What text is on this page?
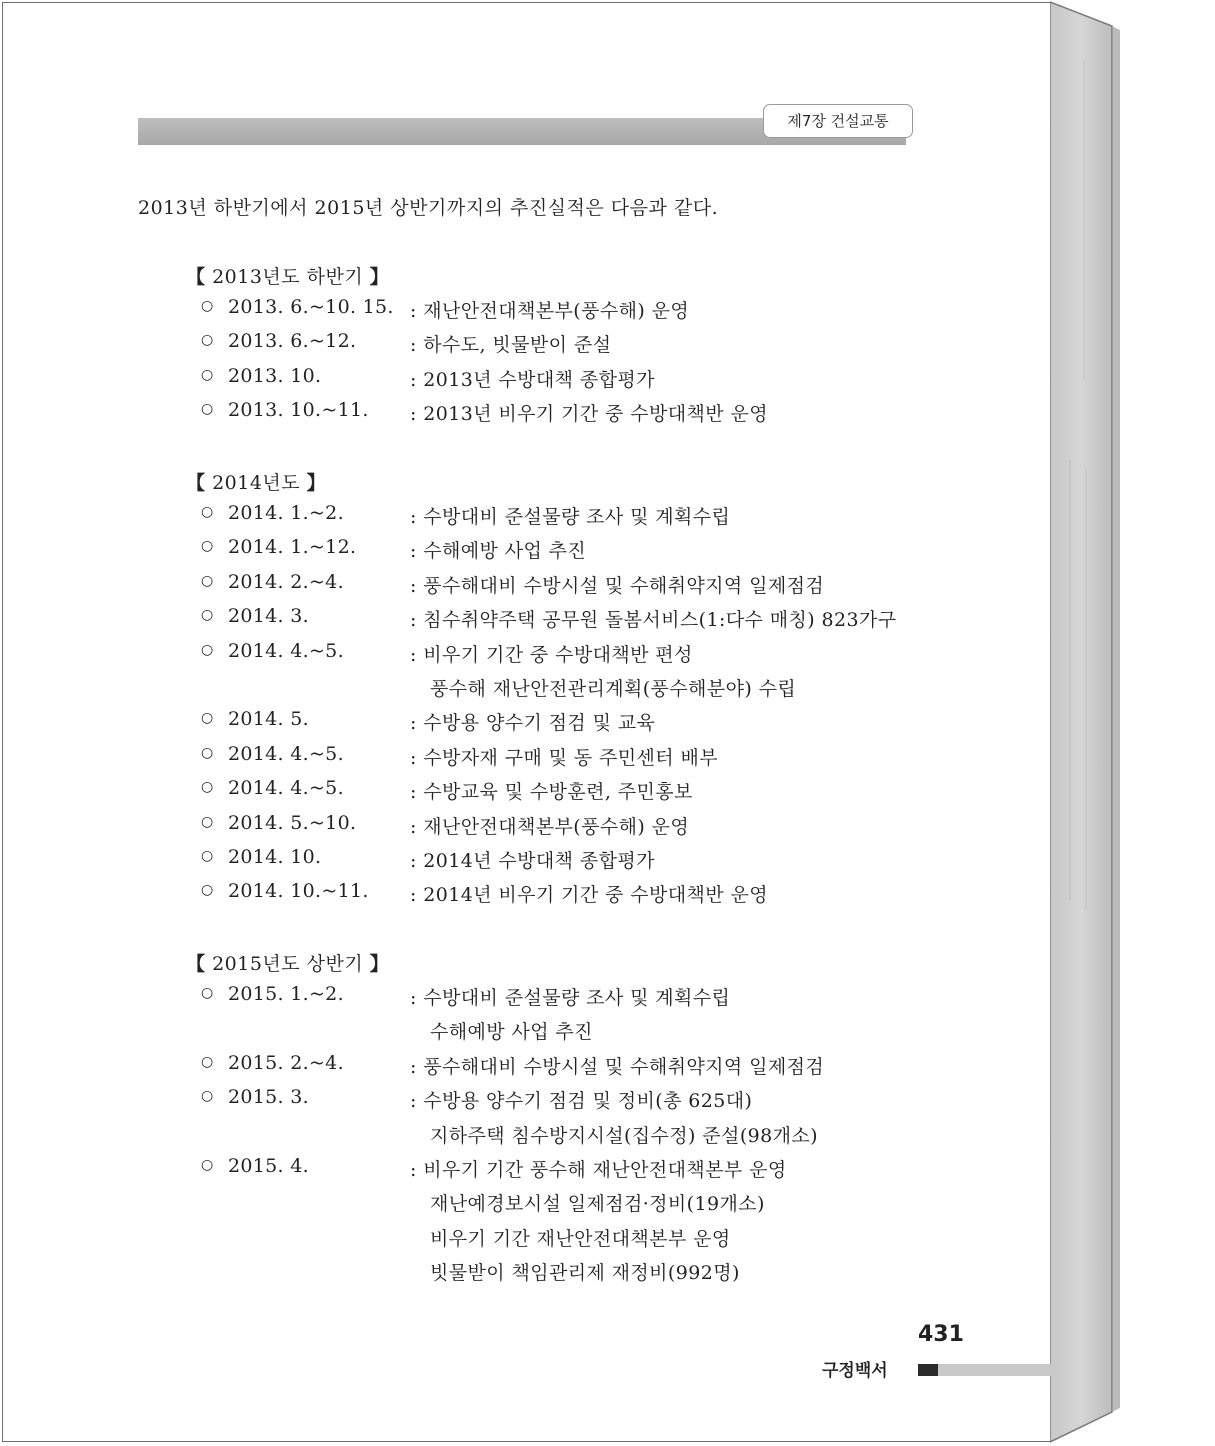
제7장 건설교통
2013년 하반기에서 2015년 상반기까지의 추진실적은 다음과 같다.
【 2013년도 하반기 】
○ 2013. 6.~10. 15. : 재난안전대책본부(풍수해) 운영
○ 2013. 6.~12.	: 하수도, 빗물받이 준설
○ 2013. 10.	: 2013년 수방대책 종합평가
○ 2013. 10.~11. : 2013년 비우기 기간 중 수방대책반 운영
【 2014년도 】
○ 2014. 1.~2.	: 수방대비 준설물량 조사 및 계획수립
○ 2014. 1.~12.	: 수해예방 사업 추진
○ 2014. 2.~4.	: 풍수해대비 수방시설 및 수해취약지역 일제점검
○ 2014. 3.	: 침수취약주택 공무원 돌봄서비스(1:다수 매칭) 823가구
○ 2014. 4.~5.	: 비우기 기간 중 수방대책반 편성
풍수해 재난안전관리계획(풍수해분야) 수립
○ 2014. 5.	: 수방용 양수기 점검 및 교육
○ 2014. 4.~5.	: 수방자재 구매 및 동 주민센터 배부
○ 2014. 4.~5.	: 수방교육 및 수방훈련, 주민홍보
○ 2014. 5.~10.	: 재난안전대책본부(풍수해) 운영
○ 2014. 10.	: 2014년 수방대책 종합평가
○ 2014. 10.~11. : 2014년 비우기 기간 중 수방대책반 운영
【 2015년도 상반기 】
○ 2015. 1.~2.	: 수방대비 준설물량 조사 및 계획수립
수해예방 사업 추진
○ 2015. 2.~4.	: 풍수해대비 수방시설 및 수해취약지역 일제점검
○ 2015. 3.	: 수방용 양수기 점검 및 정비(총 625대)
지하주택 침수방지시설(집수정) 준설(98개소)
○ 2015. 4.	: 비우기 기간 풍수해 재난안전대책본부 운영
재난예경보시설 일제점검·정비(19개소)
비우기 기간 재난안전대책본부 운영
빗물받이 책임관리제 재정비(992명)
431
구정백서
